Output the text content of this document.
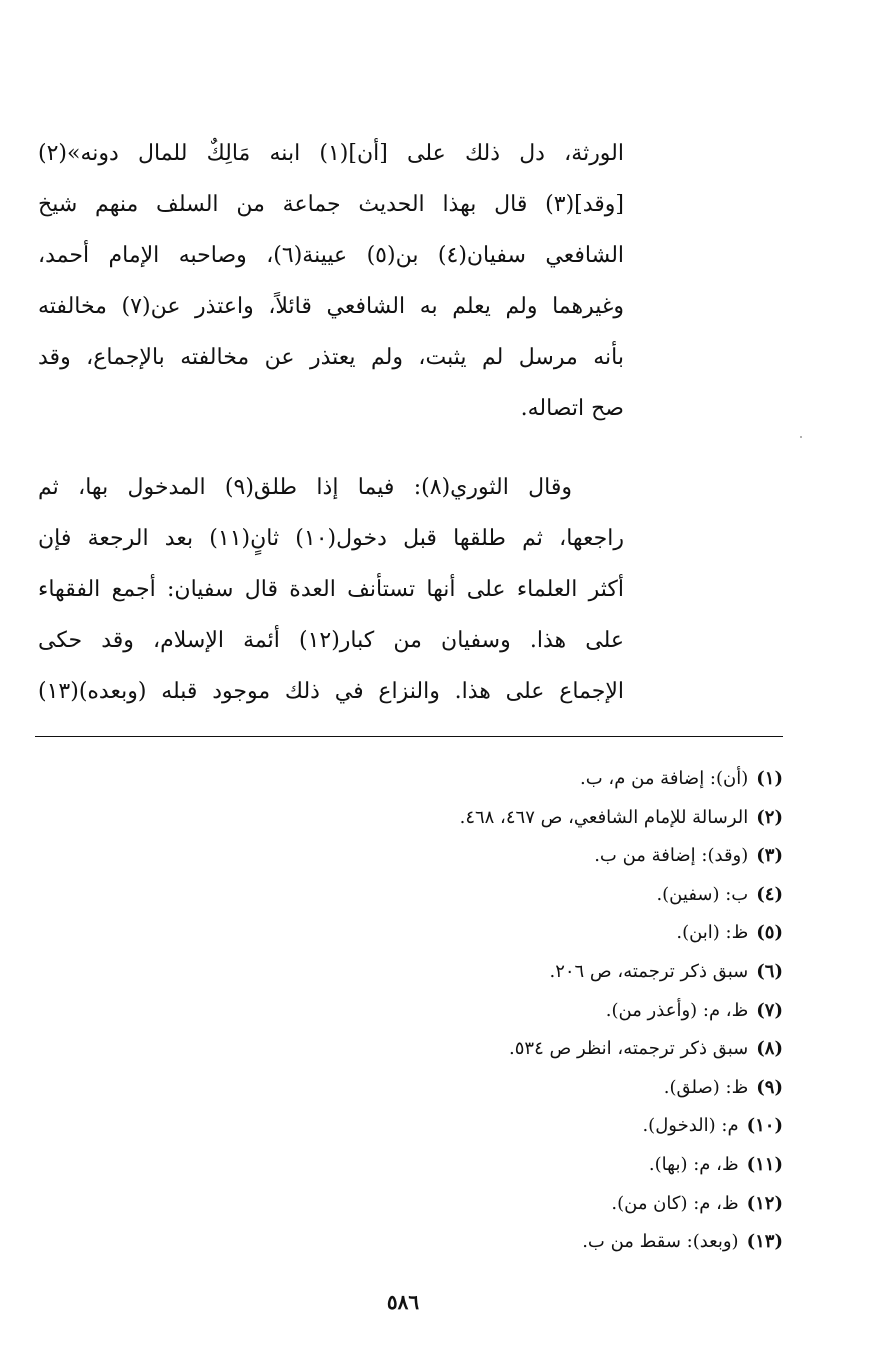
الورثة، دل ذلك على [أن](١) ابنه مَالِكٌ للمال دونه»(٢)
[وقد](٣) قال بهذا الحديث جماعة من السلف منهم شيخ
الشافعي سفيان(٤) بن(٥) عيينة(٦)، وصاحبه الإمام أحمد،
وغيرهما ولم يعلم به الشافعي قائلاً، واعتذر عن(٧) مخالفته
بأنه مرسل لم يثبت، ولم يعتذر عن مخالفته بالإجماع، وقد
صح اتصاله.
وقال الثوري(٨): فيما إذا طلق(٩) المدخول بها، ثم
راجعها، ثم طلقها قبل دخول(١٠) ثانٍ(١١) بعد الرجعة فإن
أكثر العلماء على أنها تستأنف العدة قال سفيان: أجمع الفقهاء
على هذا. وسفيان من كبار(١٢) أئمة الإسلام، وقد حكى
الإجماع على هذا. والنزاع في ذلك موجود قبله (وبعده)(١٣)
(١)(أن): إضافة من م، ب.
(٢)الرسالة للإمام الشافعي، ص ٤٦٧، ٤٦٨.
(٣)(وقد): إضافة من ب.
(٤)ب: (سفين).
(٥)ظ: (ابن).
(٦)سبق ذكر ترجمته، ص ٢٠٦.
(٧)ظ، م: (وأعذر من).
(٨)سبق ذكر ترجمته، انظر ص ٥٣٤.
(٩)ظ: (صلق).
(١٠)م: (الدخول).
(١١)ظ، م: (بها).
(١٢)ظ، م: (كان من).
(١٣)(وبعد): سقط من ب.
٥٨٦
